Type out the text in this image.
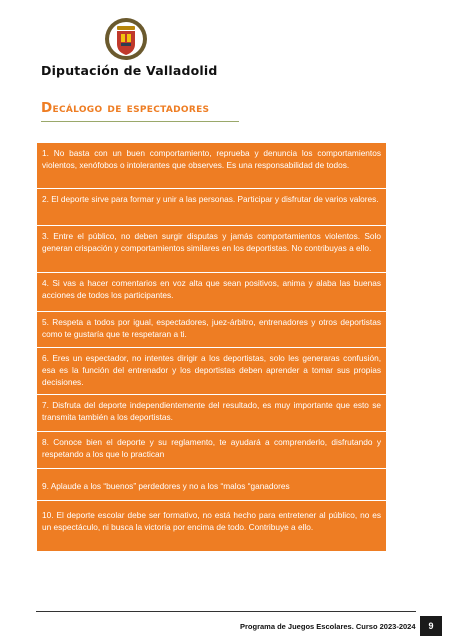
Diputación de Valladolid
Decálogo de espectadores
1. No basta con un buen comportamiento, reprueba y denuncia los comportamientos violentos, xenófobos o intolerantes que observes. Es una responsabilidad de todos.
2. El deporte sirve para formar y unir a las personas. Participar y disfrutar de varios valores.
3. Entre el público, no deben surgir disputas y jamás comportamientos violentos. Solo generan crispación y comportamientos similares en los deportistas. No contribuyas a ello.
4. Si vas a hacer comentarios en voz alta que sean positivos, anima y alaba las buenas acciones de todos los participantes.
5. Respeta a todos por igual, espectadores, juez-árbitro, entrenadores y otros deportistas como te gustaría que te respetaran a ti.
6. Eres un espectador, no intentes dirigir a los deportistas, solo les generaras confusión, esa es la función del entrenador y los deportistas deben aprender a tomar sus propias decisiones.
7. Disfruta del deporte independientemente del resultado, es muy importante que esto se transmita también a los deportistas.
8. Conoce bien el deporte y su reglamento, te ayudará a comprenderlo, disfrutando y respetando a los que lo practican
9. Aplaude a los “buenos” perdedores y no a los “malos “ganadores
10. El deporte escolar debe ser formativo, no está hecho para entretener al público, no es un espectáculo, ni busca la victoria por encima de todo. Contribuye a ello.
Programa de Juegos Escolares. Curso 2023-2024	9
